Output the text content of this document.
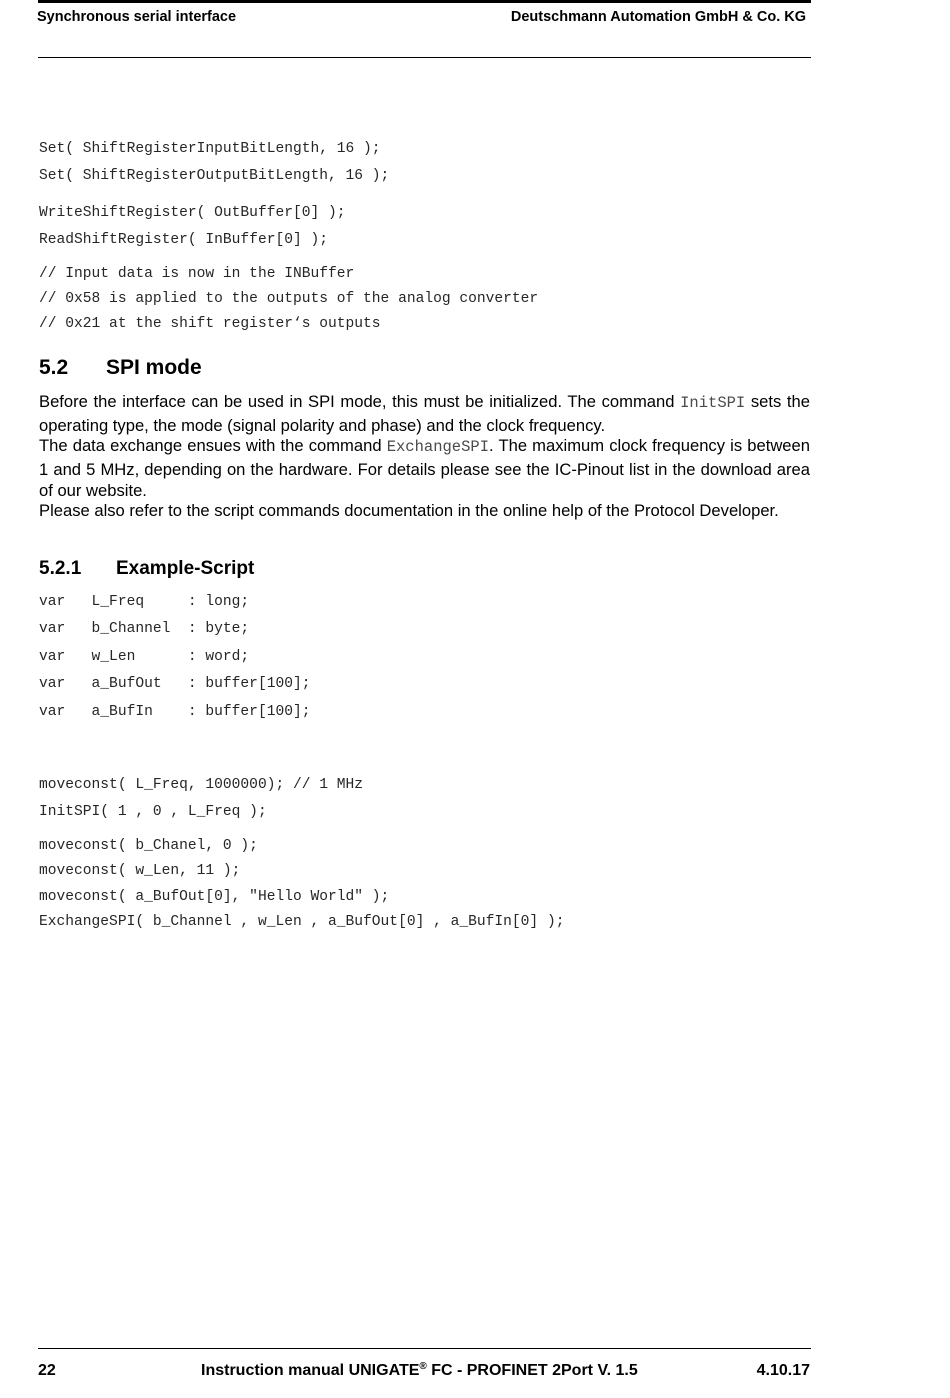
Synchronous serial interface	Deutschmann Automation GmbH & Co. KG
Set( ShiftRegisterInputBitLength, 16 );
Set( ShiftRegisterOutputBitLength, 16 );
WriteShiftRegister( OutBuffer[0] );
ReadShiftRegister( InBuffer[0] );
// Input data is now in the INBuffer
// 0x58 is applied to the outputs of the analog converter
// 0x21 at the shift register‘s outputs
5.2 SPI mode
Before the interface can be used in SPI mode, this must be initialized. The command InitSPI sets the operating type, the mode (signal polarity and phase) and the clock frequency.
The data exchange ensues with the command ExchangeSPI. The maximum clock frequency is between 1 and 5 MHz, depending on the hardware. For details please see the IC-Pinout list in the download area of our website.
Please also refer to the script commands documentation in the online help of the Protocol Developer.
5.2.1 Example-Script
var   L_Freq     : long;
var   b_Channel  : byte;
var   w_Len      : word;
var   a_BufOut   : buffer[100];
var   a_BufIn    : buffer[100];
moveconst( L_Freq, 1000000); // 1 MHz
InitSPI( 1 , 0 , L_Freq );
moveconst( b_Chanel, 0 );
moveconst( w_Len, 11 );
moveconst( a_BufOut[0], "Hello World" );
ExchangeSPI( b_Channel , w_Len , a_BufOut[0] , a_BufIn[0] );
22	Instruction manual UNIGATE® FC - PROFINET 2Port V. 1.5	4.10.17
